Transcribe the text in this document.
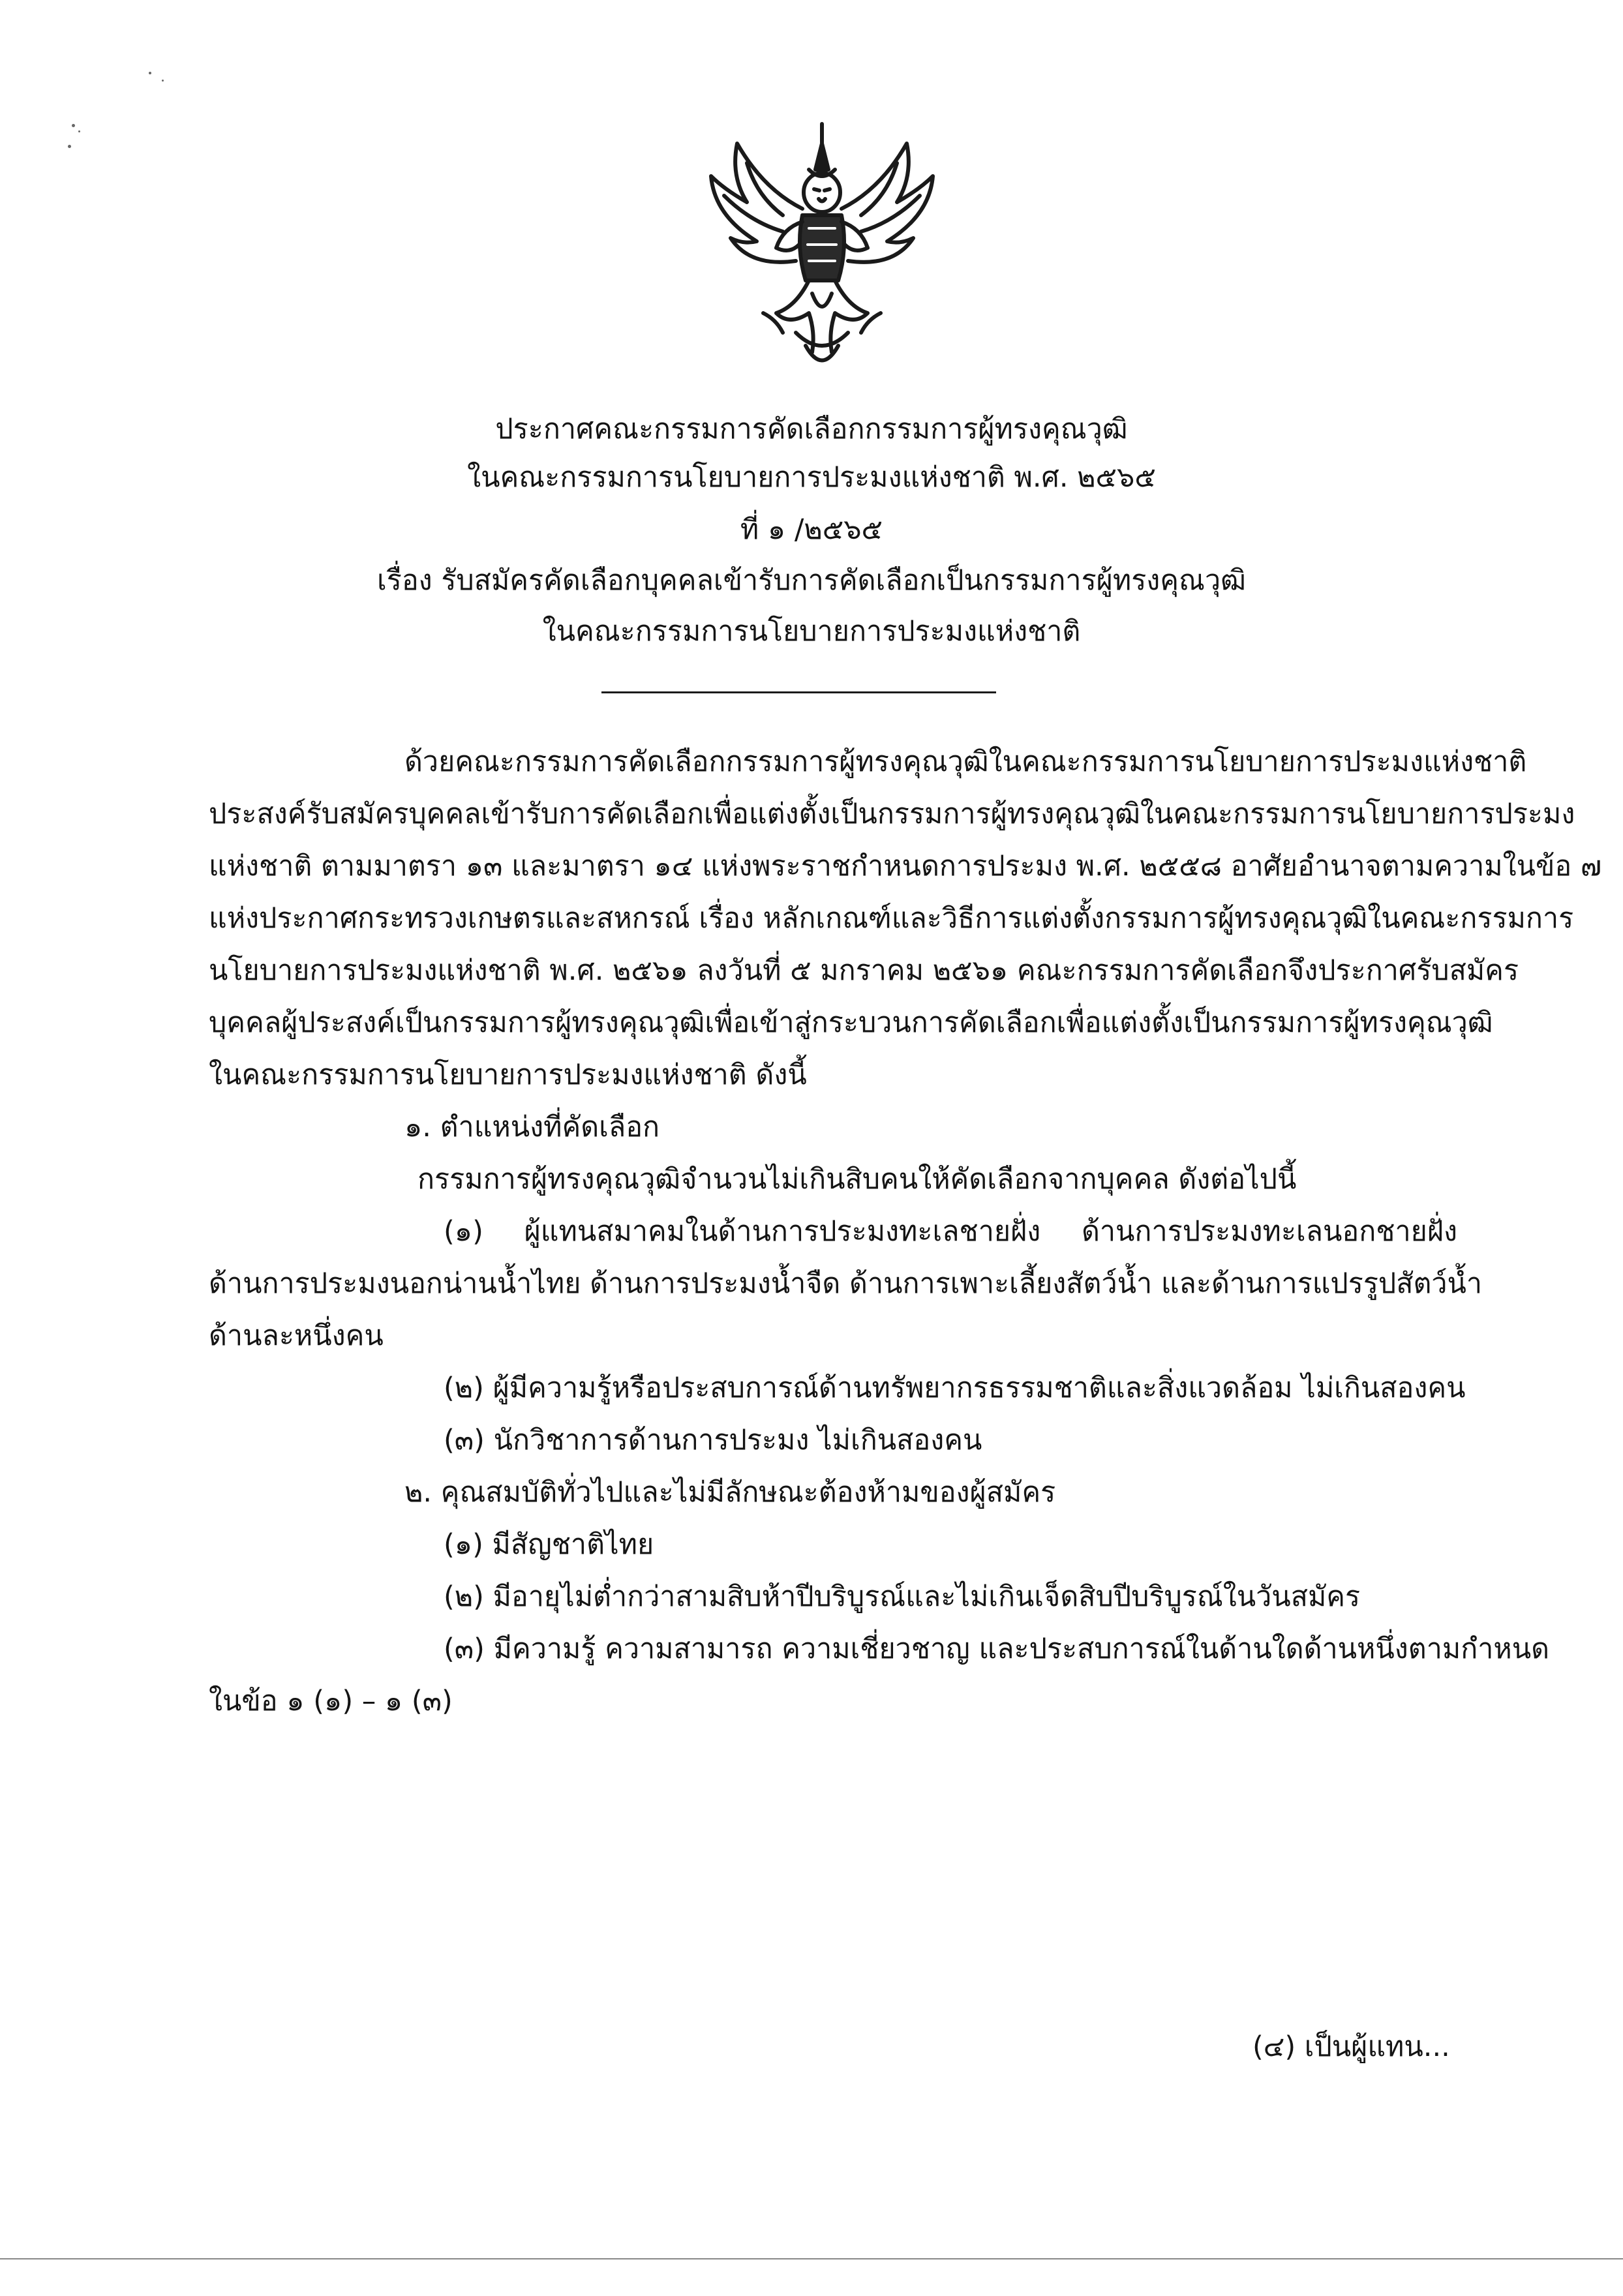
ประกาศคณะกรรมการคัดเลือกกรรมการผู้ทรงคุณวุฒิ
ในคณะกรรมการนโยบายการประมงแห่งชาติ พ.ศ. ๒๕๖๕
ที่ ๑ /๒๕๖๕
เรื่อง รับสมัครคัดเลือกบุคคลเข้ารับการคัดเลือกเป็นกรรมการผู้ทรงคุณวุฒิ
ในคณะกรรมการนโยบายการประมงแห่งชาติ
ด้วยคณะกรรมการคัดเลือกกรรมการผู้ทรงคุณวุฒิในคณะกรรมการนโยบายการประมงแห่งชาติ
ประสงค์รับสมัครบุคคลเข้ารับการคัดเลือกเพื่อแต่งตั้งเป็นกรรมการผู้ทรงคุณวุฒิในคณะกรรมการนโยบายการประมง
แห่งชาติ ตามมาตรา ๑๓ และมาตรา ๑๔ แห่งพระราชกำหนดการประมง พ.ศ. ๒๕๕๘ อาศัยอำนาจตามความในข้อ ๗
แห่งประกาศกระทรวงเกษตรและสหกรณ์ เรื่อง หลักเกณฑ์และวิธีการแต่งตั้งกรรมการผู้ทรงคุณวุฒิในคณะกรรมการ
นโยบายการประมงแห่งชาติ พ.ศ. ๒๕๖๑ ลงวันที่ ๕ มกราคม ๒๕๖๑ คณะกรรมการคัดเลือกจึงประกาศรับสมัคร
บุคคลผู้ประสงค์เป็นกรรมการผู้ทรงคุณวุฒิเพื่อเข้าสู่กระบวนการคัดเลือกเพื่อแต่งตั้งเป็นกรรมการผู้ทรงคุณวุฒิ
ในคณะกรรมการนโยบายการประมงแห่งชาติ ดังนี้
๑. ตำแหน่งที่คัดเลือก
กรรมการผู้ทรงคุณวุฒิจำนวนไม่เกินสิบคนให้คัดเลือกจากบุคคล ดังต่อไปนี้
(๑) ผู้แทนสมาคมในด้านการประมงทะเลชายฝั่ง ด้านการประมงทะเลนอกชายฝั่ง
ด้านการประมงนอกน่านน้ำไทย ด้านการประมงน้ำจืด ด้านการเพาะเลี้ยงสัตว์น้ำ และด้านการแปรรูปสัตว์น้ำ
ด้านละหนึ่งคน
(๒) ผู้มีความรู้หรือประสบการณ์ด้านทรัพยากรธรรมชาติและสิ่งแวดล้อม ไม่เกินสองคน
(๓) นักวิชาการด้านการประมง ไม่เกินสองคน
๒. คุณสมบัติทั่วไปและไม่มีลักษณะต้องห้ามของผู้สมัคร
(๑) มีสัญชาติไทย
(๒) มีอายุไม่ต่ำกว่าสามสิบห้าปีบริบูรณ์และไม่เกินเจ็ดสิบปีบริบูรณ์ในวันสมัคร
(๓) มีความรู้ ความสามารถ ความเชี่ยวชาญ และประสบการณ์ในด้านใดด้านหนึ่งตามกำหนด
ในข้อ ๑ (๑) – ๑ (๓)
(๔) เป็นผู้แทน...
